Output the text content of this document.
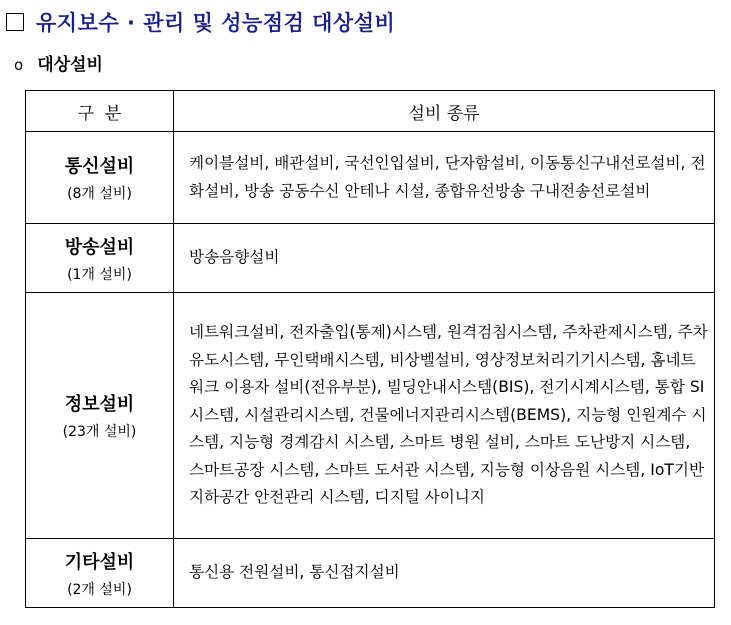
유지보수 · 관리 및 성능점검 대상설비
o 대상설비
구  분	설비 종류

통신설비
(8개 설비)	케이블설비, 배관설비, 국선인입설비, 단자함설비, 이동통신구내선로설비, 전화설비, 방송 공동수신 안테나 시설, 종합유선방송 구내전송선로설비

방송설비
(1개 설비)	방송음향설비

정보설비
(23개 설비)	네트워크설비, 전자출입(통제)시스템, 원격검침시스템, 주차관제시스템, 주차유도시스템, 무인택배시스템, 비상벨설비, 영상정보처리기기시스템, 홈네트워크 이용자 설비(전유부분), 빌딩안내시스템(BIS), 전기시계시스템, 통합 SI시스템, 시설관리시스템, 건물에너지관리시스템(BEMS), 지능형 인원계수 시스템, 지능형 경계감시 시스템, 스마트 병원 설비, 스마트 도난방지 시스템, 스마트공장 시스템, 스마트 도서관 시스템, 지능형 이상음원 시스템, IoT기반 지하공간 안전관리 시스템, 디지털 사이니지

기타설비
(2개 설비)	통신용 전원설비, 통신접지설비
